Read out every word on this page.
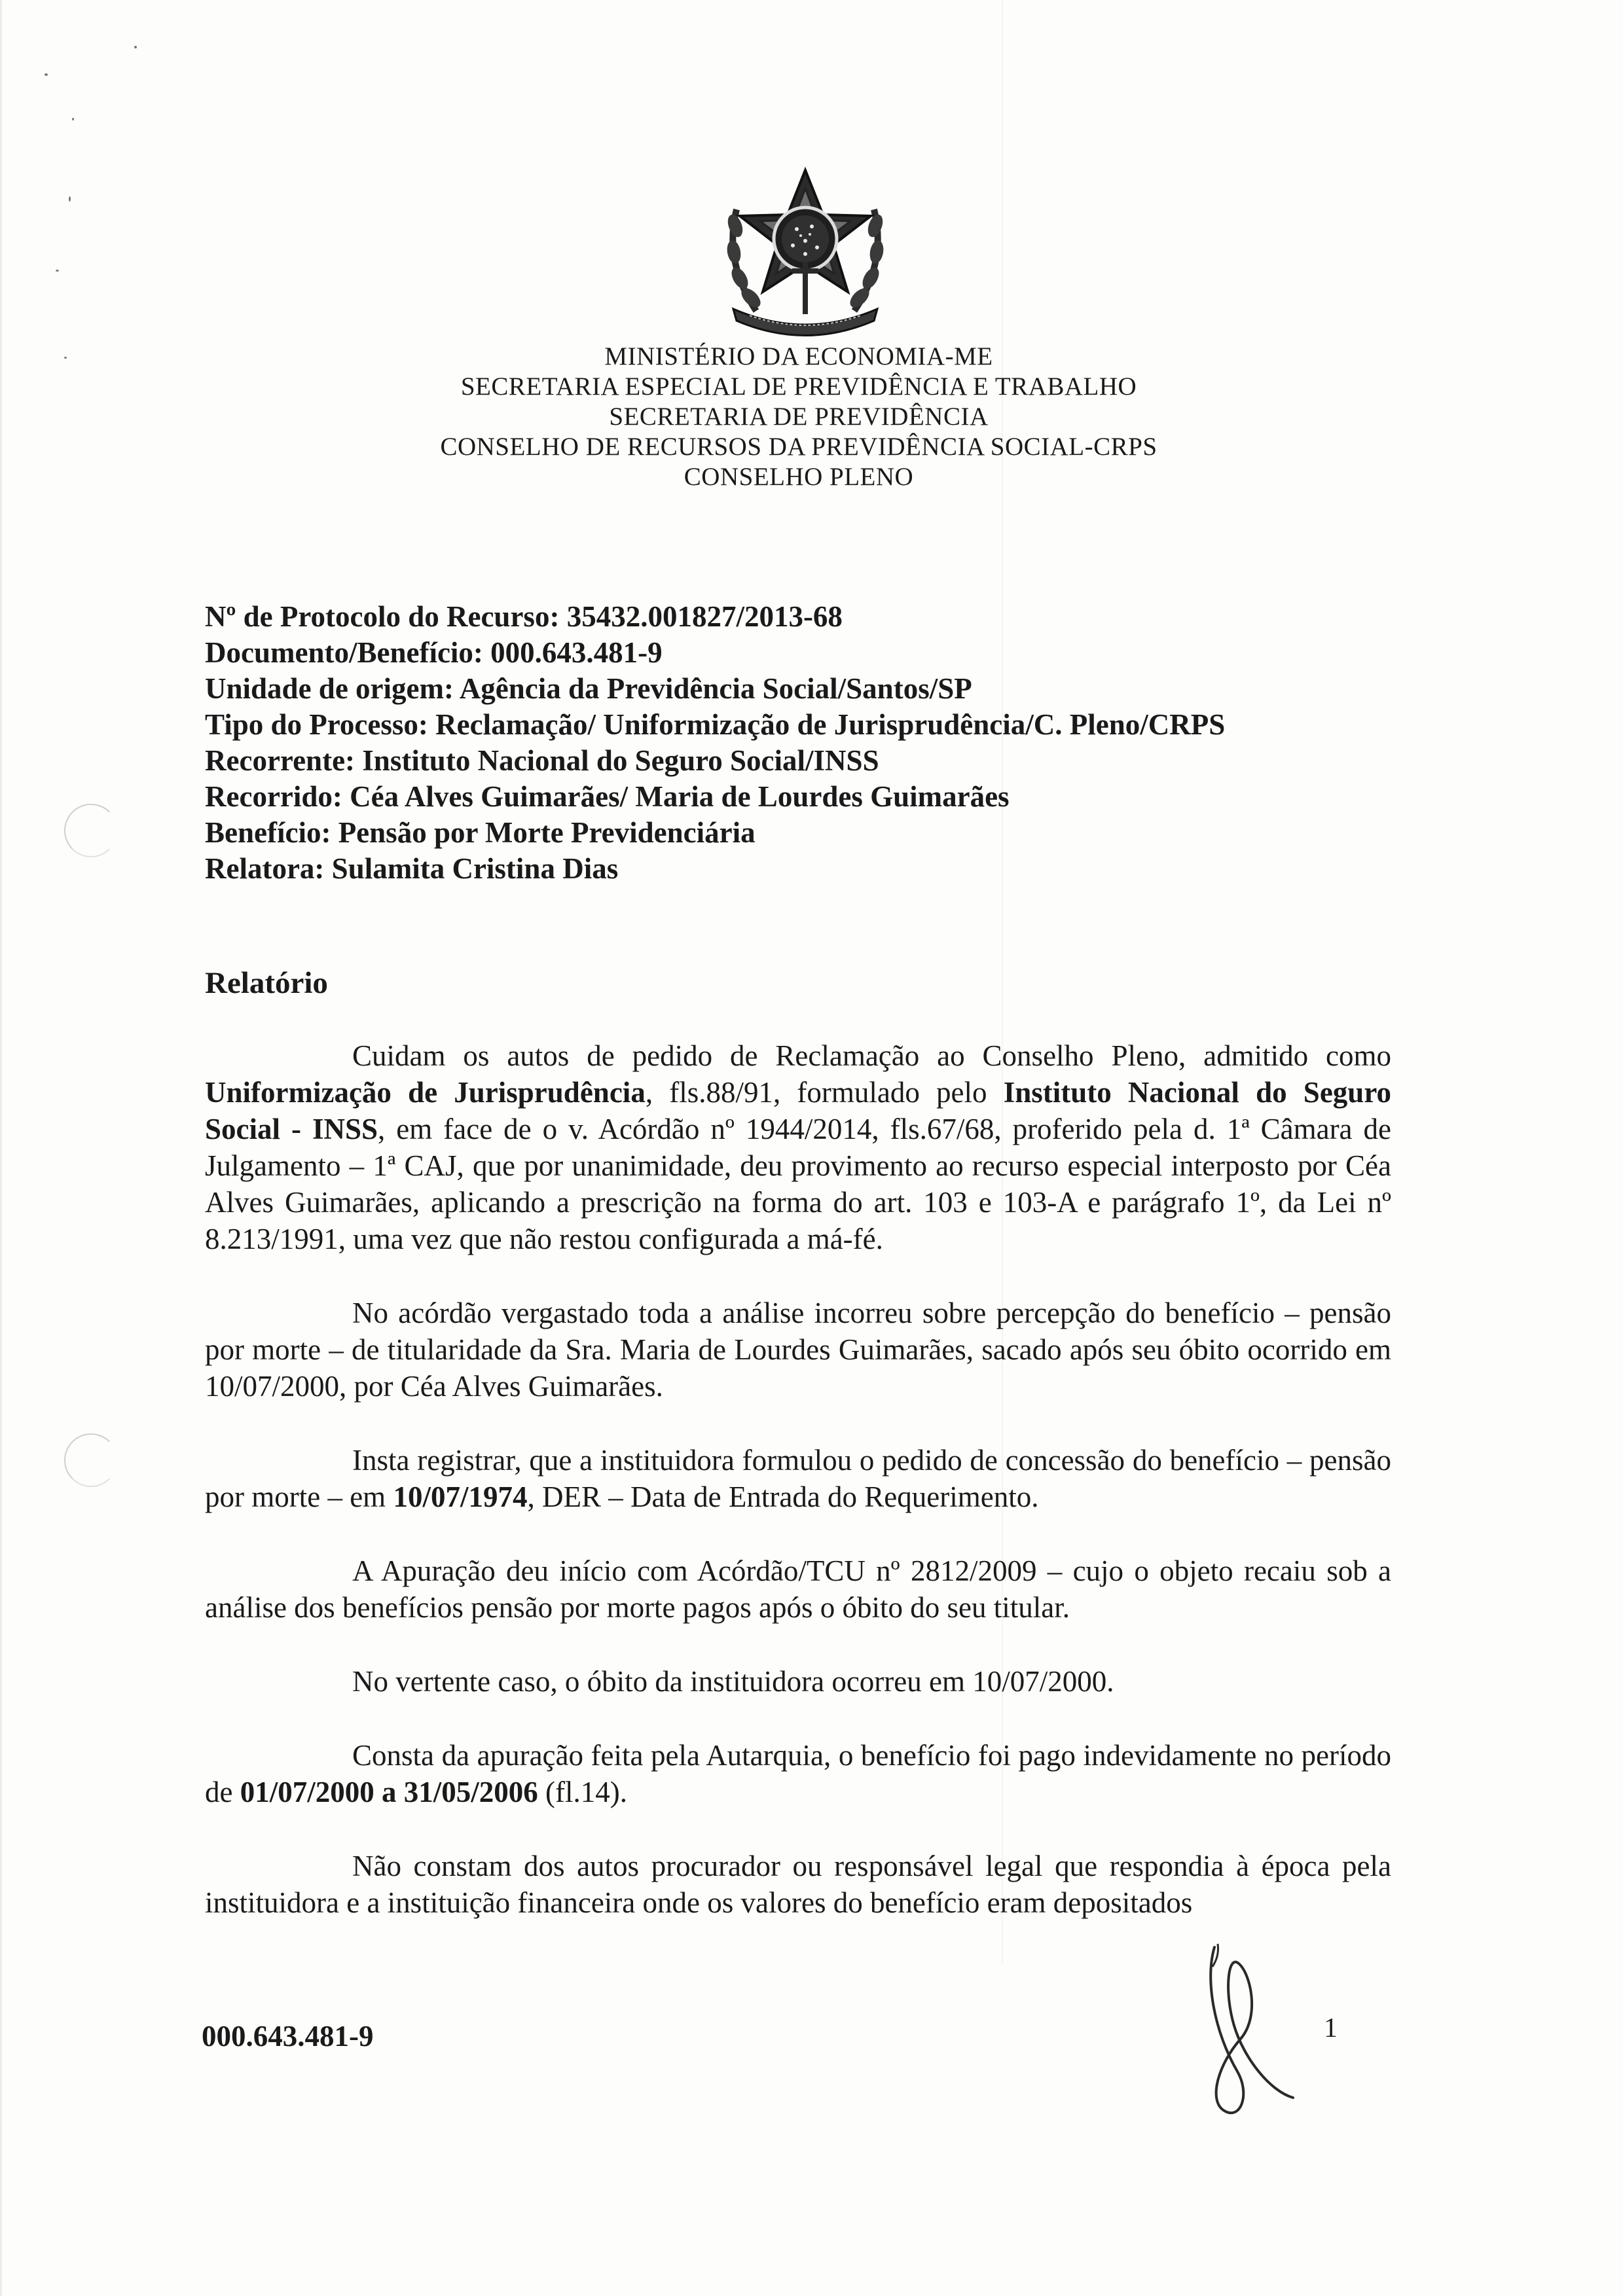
MINISTÉRIO DA ECONOMIA-ME
SECRETARIA ESPECIAL DE PREVIDÊNCIA E TRABALHO
SECRETARIA DE PREVIDÊNCIA
CONSELHO DE RECURSOS DA PREVIDÊNCIA SOCIAL-CRPS
CONSELHO PLENO
Nº de Protocolo do Recurso: 35432.001827/2013-68
Documento/Benefício: 000.643.481-9
Unidade de origem: Agência da Previdência Social/Santos/SP
Tipo do Processo: Reclamação/ Uniformização de Jurisprudência/C. Pleno/CRPS
Recorrente: Instituto Nacional do Seguro Social/INSS
Recorrido: Céa Alves Guimarães/ Maria de Lourdes Guimarães
Benefício: Pensão por Morte Previdenciária
Relatora: Sulamita Cristina Dias
Relatório

Cuidam os autos de pedido de Reclamação ao Conselho Pleno, admitido como Uniformização de Jurisprudência, fls.88/91, formulado pelo Instituto Nacional do Seguro Social - INSS, em face de o v. Acórdão nº 1944/2014, fls.67/68, proferido pela d. 1ª Câmara de Julgamento – 1ª CAJ, que por unanimidade, deu provimento ao recurso especial interposto por Céa Alves Guimarães, aplicando a prescrição na forma do art. 103 e 103-A e parágrafo 1º, da Lei nº 8.213/1991, uma vez que não restou configurada a má-fé.

No acórdão vergastado toda a análise incorreu sobre percepção do benefício – pensão por morte – de titularidade da Sra. Maria de Lourdes Guimarães, sacado após seu óbito ocorrido em 10/07/2000, por Céa Alves Guimarães.

Insta registrar, que a instituidora formulou o pedido de concessão do benefício – pensão por morte – em 10/07/1974, DER – Data de Entrada do Requerimento.

A Apuração deu início com Acórdão/TCU nº 2812/2009 – cujo o objeto recaiu sob a análise dos benefícios pensão por morte pagos após o óbito do seu titular.

No vertente caso, o óbito da instituidora ocorreu em 10/07/2000.

Consta da apuração feita pela Autarquia, o benefício foi pago indevidamente no período de 01/07/2000 a 31/05/2006 (fl.14).

Não constam dos autos procurador ou responsável legal que respondia à época pela instituidora e a instituição financeira onde os valores do benefício eram depositados

000.643.481-9	1
